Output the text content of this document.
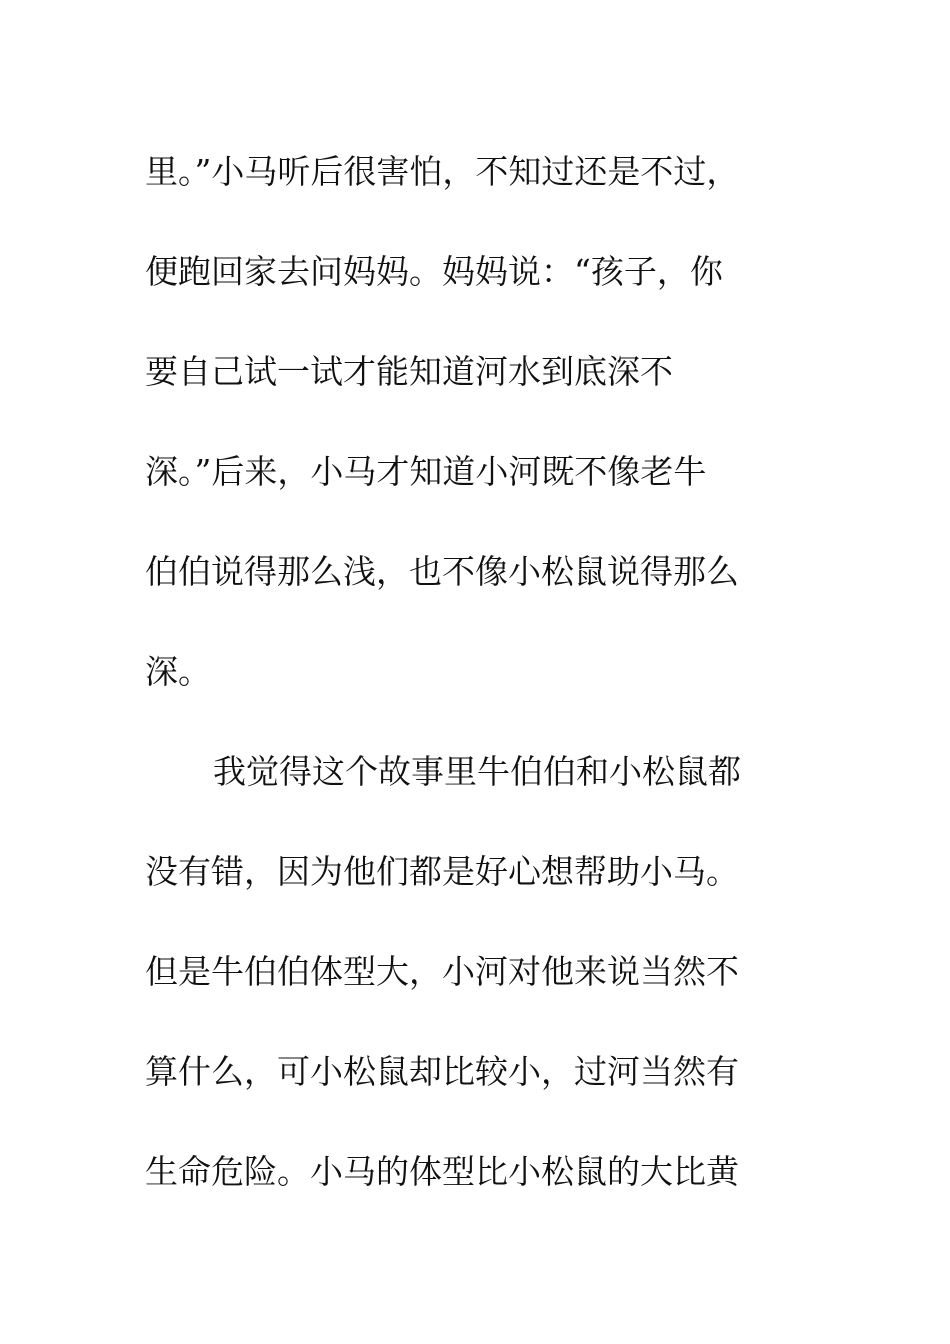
里。”小马听后很害怕，不知过还是不过，

便跑回家去问妈妈。妈妈说：“孩子，你

要自己试一试才能知道河水到底深不

深。”后来，小马才知道小河既不像老牛

伯伯说得那么浅，也不像小松鼠说得那么

深。

我觉得这个故事里牛伯伯和小松鼠都

没有错，因为他们都是好心想帮助小马。

但是牛伯伯体型大，小河对他来说当然不

算什么，可小松鼠却比较小，过河当然有

生命危险。小马的体型比小松鼠的大比黄
